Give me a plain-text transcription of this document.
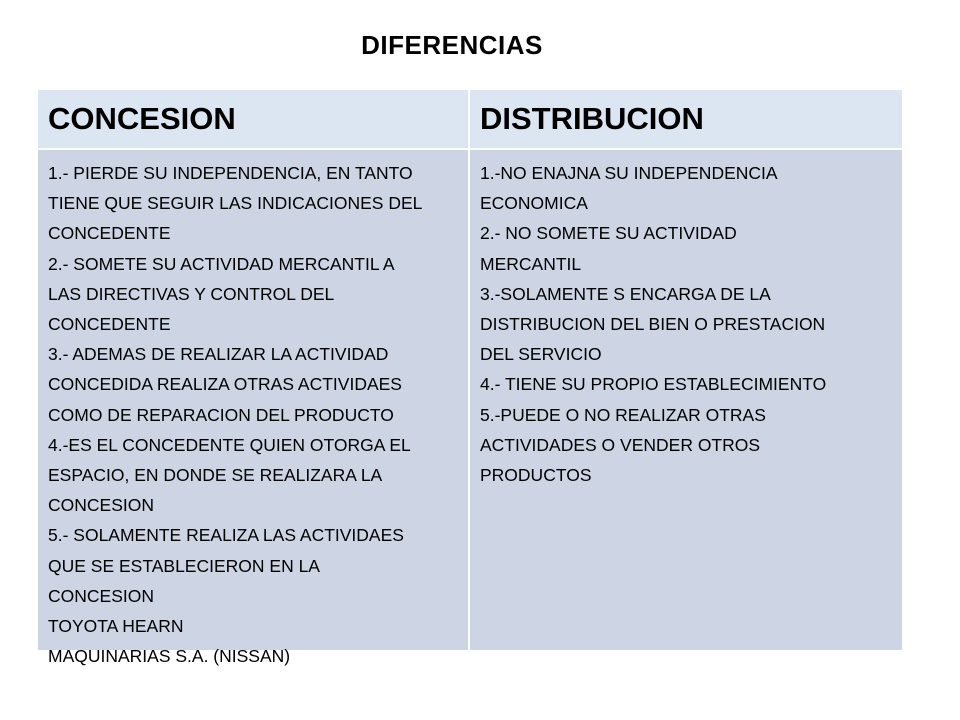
DIFERENCIAS
CONCESION	DISTRIBUCION
1.- PIERDE SU INDEPENDENCIA, EN TANTO
TIENE QUE SEGUIR LAS INDICACIONES DEL
CONCEDENTE
2.- SOMETE SU ACTIVIDAD MERCANTIL A
LAS DIRECTIVAS Y CONTROL DEL
CONCEDENTE
3.- ADEMAS DE REALIZAR LA ACTIVIDAD
CONCEDIDA REALIZA OTRAS ACTIVIDAES
COMO DE REPARACION DEL PRODUCTO
4.-ES EL CONCEDENTE QUIEN OTORGA EL
ESPACIO, EN DONDE SE REALIZARA LA
CONCESION
5.- SOLAMENTE REALIZA LAS ACTIVIDAES
QUE SE ESTABLECIERON EN LA
CONCESION
TOYOTA HEARN
MAQUINARIAS S.A. (NISSAN)
1.-NO ENAJNA SU INDEPENDENCIA
ECONOMICA
2.- NO SOMETE SU ACTIVIDAD
MERCANTIL
3.-SOLAMENTE S ENCARGA DE LA
DISTRIBUCION DEL BIEN O PRESTACION
DEL SERVICIO
4.- TIENE SU PROPIO ESTABLECIMIENTO
5.-PUEDE O NO REALIZAR OTRAS
ACTIVIDADES O VENDER OTROS
PRODUCTOS
